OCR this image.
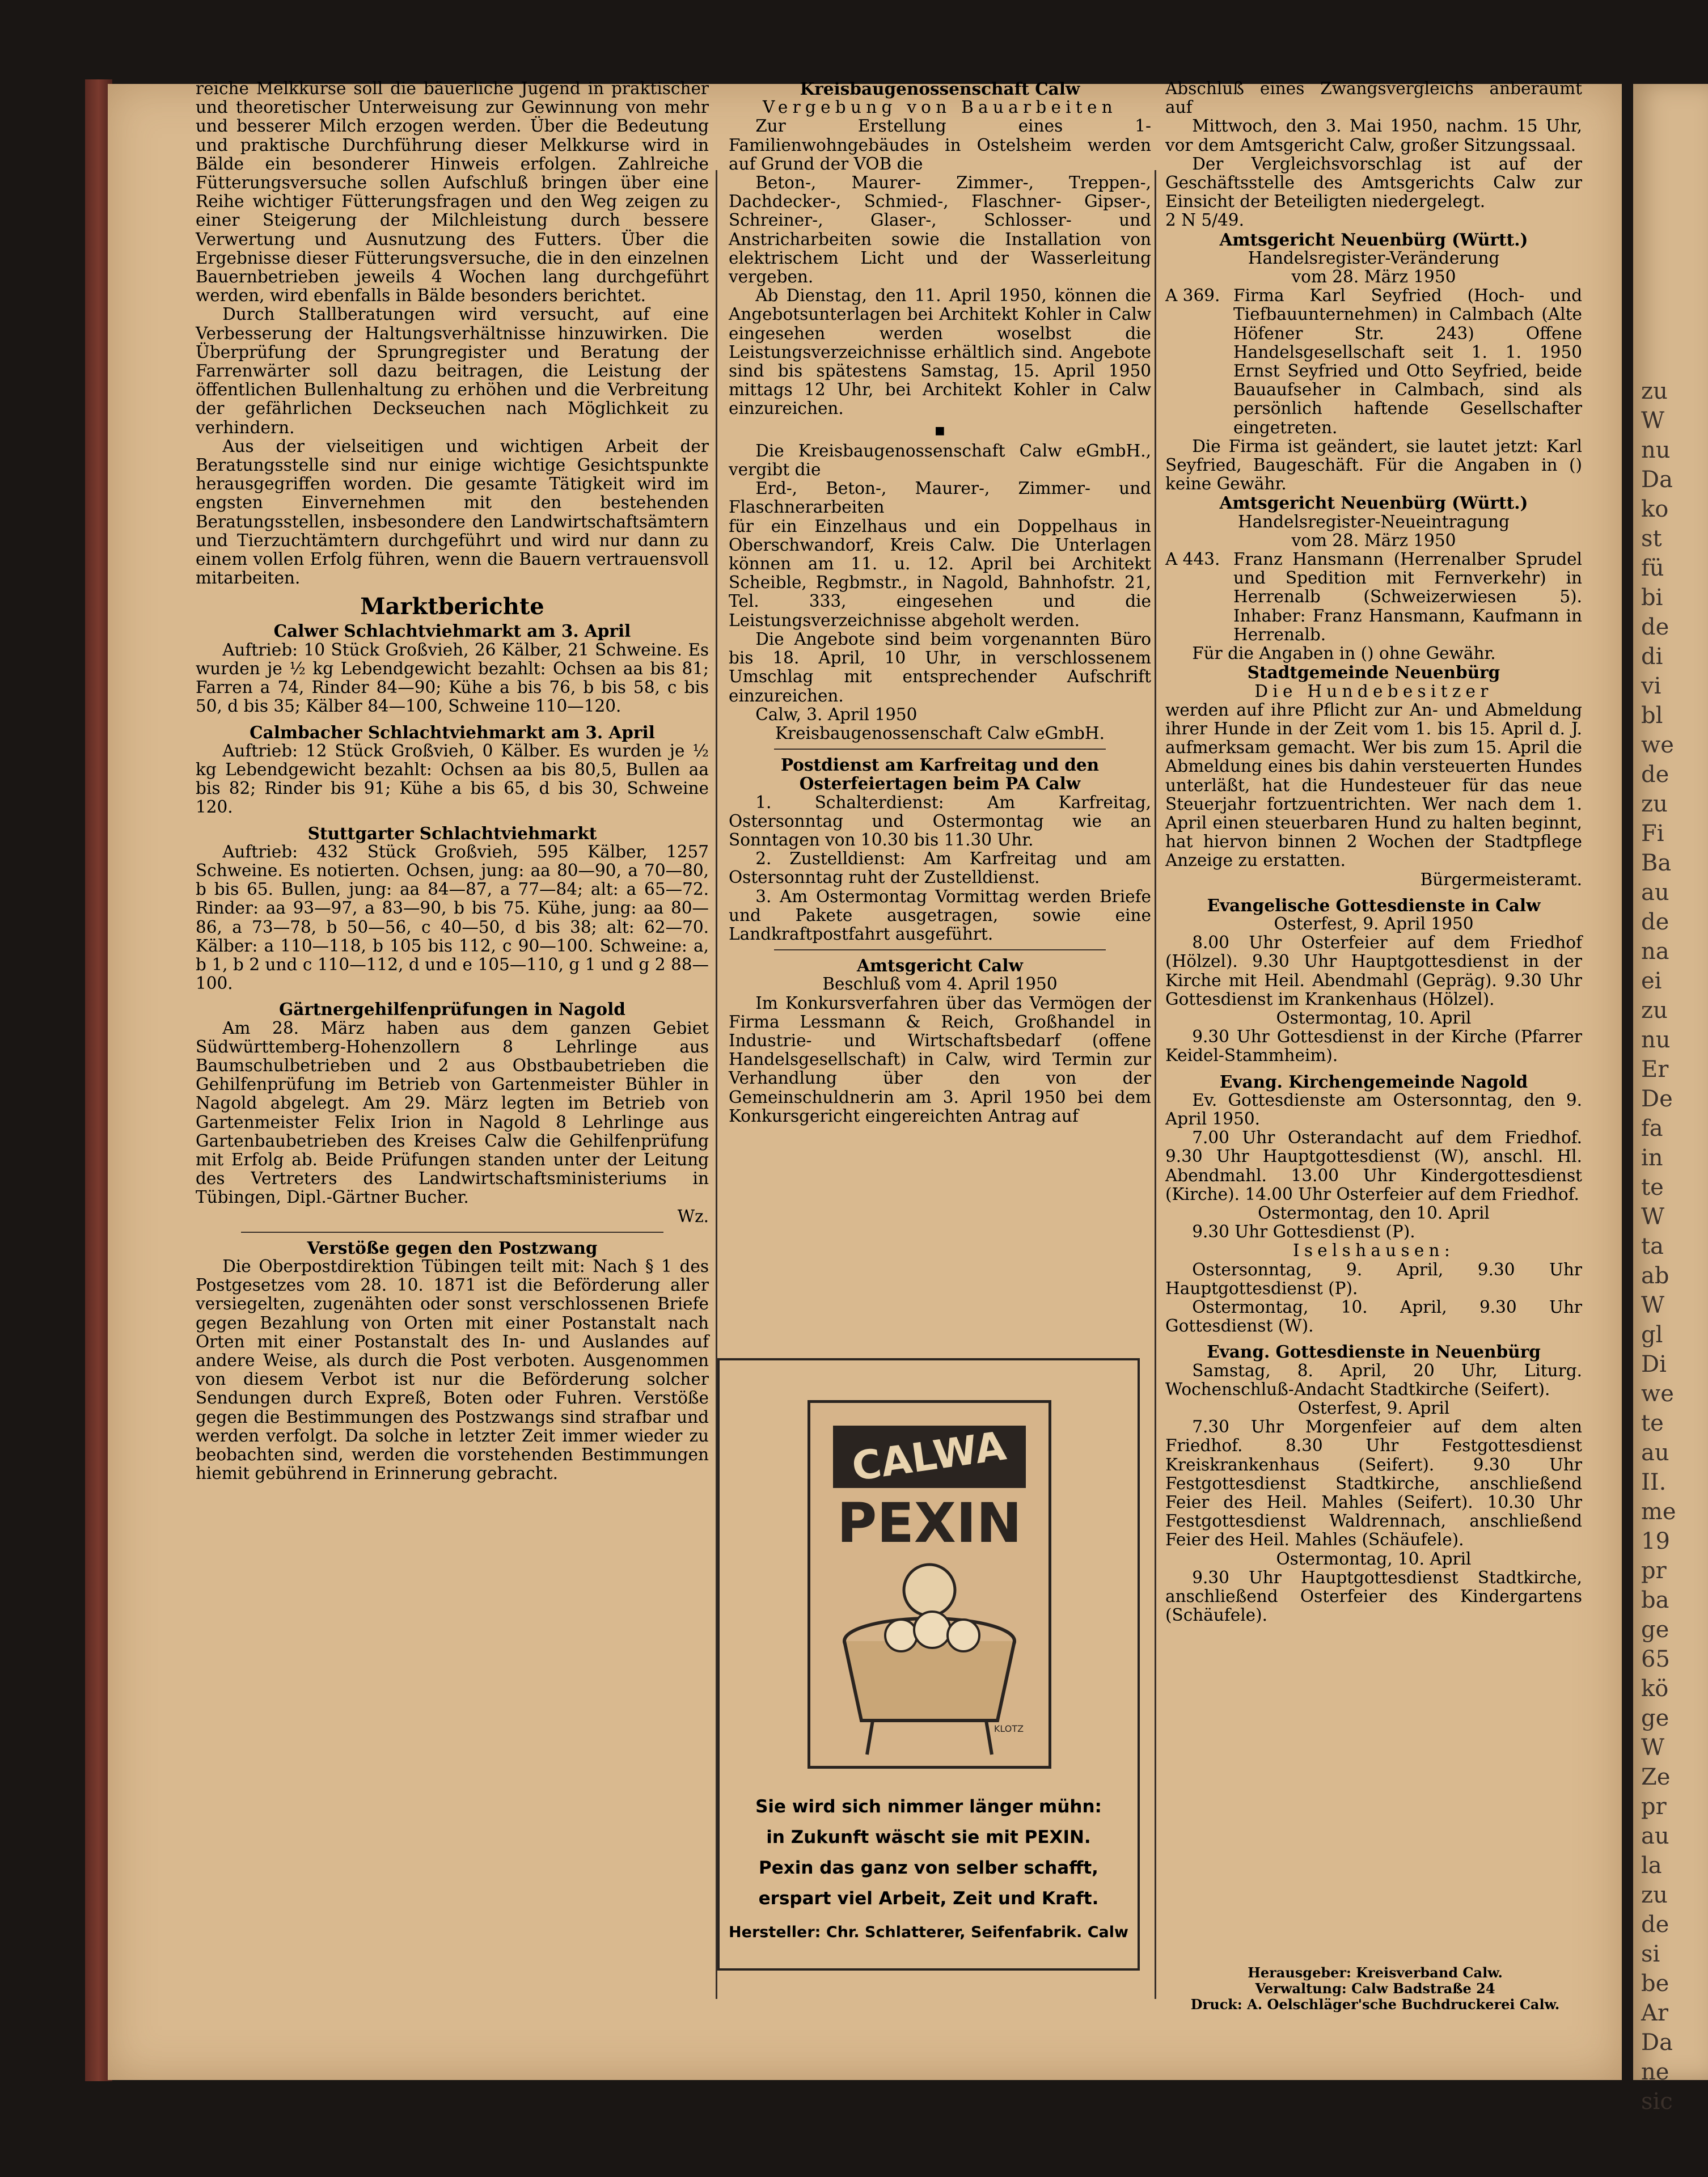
reiche Melkkurse soll die bäuerliche Jugend in praktischer und theoretischer Unterweisung zur Gewinnung von mehr und besserer Milch erzogen werden. Über die Bedeutung und praktische Durchführung dieser Melkkurse wird in Bälde ein besonderer Hinweis erfolgen. Zahlreiche Fütterungsversuche sollen Aufschluß bringen über eine Reihe wichtiger Fütterungsfragen und den Weg zeigen zu einer Steigerung der Milchleistung durch bessere Verwertung und Ausnutzung des Futters. Über die Ergebnisse dieser Fütterungsversuche, die in den einzelnen Bauernbetrieben jeweils 4 Wochen lang durchgeführt werden, wird ebenfalls in Bälde besonders berichtet.

Durch Stallberatungen wird versucht, auf eine Verbesserung der Haltungsverhältnisse hinzuwirken. Die Überprüfung der Sprungregister und Beratung der Farrenwärter soll dazu beitragen, die Leistung der öffentlichen Bullenhaltung zu erhöhen und die Verbreitung der gefährlichen Deckseuchen nach Möglichkeit zu verhindern.

Aus der vielseitigen und wichtigen Arbeit der Beratungsstelle sind nur einige wichtige Gesichtspunkte herausgegriffen worden. Die gesamte Tätigkeit wird im engsten Einvernehmen mit den bestehenden Beratungsstellen, insbesondere den Landwirtschaftsämtern und Tierzuchtämtern durchgeführt und wird nur dann zu einem vollen Erfolg führen, wenn die Bauern vertrauensvoll mitarbeiten.

Marktberichte

Calwer Schlachtviehmarkt am 3. April

Auftrieb: 10 Stück Großvieh, 26 Kälber, 21 Schweine. Es wurden je ½ kg Lebendgewicht bezahlt: Ochsen aa bis 81; Farren a 74, Rinder 84—90; Kühe a bis 76, b bis 58, c bis 50, d bis 35; Kälber 84—100, Schweine 110—120.

Calmbacher Schlachtviehmarkt am 3. April

Auftrieb: 12 Stück Großvieh, 0 Kälber. Es wurden je ½ kg Lebendgewicht bezahlt: Ochsen aa bis 80,5, Bullen aa bis 82; Rinder bis 91; Kühe a bis 65, d bis 30, Schweine 120.

Stuttgarter Schlachtviehmarkt

Auftrieb: 432 Stück Großvieh, 595 Kälber, 1257 Schweine. Es notierten. Ochsen, jung: aa 80—90, a 70—80, b bis 65. Bullen, jung: aa 84—87, a 77—84; alt: a 65—72. Rinder: aa 93—97, a 83—90, b bis 75. Kühe, jung: aa 80—86, a 73—78, b 50—56, c 40—50, d bis 38; alt: 62—70. Kälber: a 110—118, b 105 bis 112, c 90—100. Schweine: a, b 1, b 2 und c 110—112, d und e 105—110, g 1 und g 2 88—100.

Gärtnergehilfenprüfungen in Nagold

Am 28. März haben aus dem ganzen Gebiet Südwürttemberg-Hohenzollern 8 Lehrlinge aus Baumschulbetrieben und 2 aus Obstbaubetrieben die Gehilfenprüfung im Betrieb von Gartenmeister Bühler in Nagold abgelegt. Am 29. März legten im Betrieb von Gartenmeister Felix Irion in Nagold 8 Lehrlinge aus Gartenbaubetrieben des Kreises Calw die Gehilfenprüfung mit Erfolg ab. Beide Prüfungen standen unter der Leitung des Vertreters des Landwirtschaftsministeriums in Tübingen, Dipl.-Gärtner Bucher.

Wz.

Verstöße gegen den Postzwang

Die Oberpostdirektion Tübingen teilt mit: Nach § 1 des Postgesetzes vom 28. 10. 1871 ist die Beförderung aller versiegelten, zugenähten oder sonst verschlossenen Briefe gegen Bezahlung von Orten mit einer Postanstalt nach Orten mit einer Postanstalt des In- und Auslandes auf andere Weise, als durch die Post verboten. Ausgenommen von diesem Verbot ist nur die Beförderung solcher Sendungen durch Expreß, Boten oder Fuhren. Verstöße gegen die Bestimmungen des Postzwangs sind strafbar und werden verfolgt. Da solche in letzter Zeit immer wieder zu beobachten sind, werden die vorstehenden Bestimmungen hiemit gebührend in Erinnerung gebracht.

Kreisbaugenossenschaft Calw

Vergebung von Bauarbeiten

Zur Erstellung eines 1-Familienwohngebäudes in Ostelsheim werden auf Grund der VOB die

Beton-, Maurer- Zimmer-, Treppen-, Dachdecker-, Schmied-, Flaschner- Gipser-, Schreiner-, Glaser-, Schlosser- und Anstricharbeiten sowie die Installation von elektrischem Licht und der Wasserleitung vergeben.

Ab Dienstag, den 11. April 1950, können die Angebotsunterlagen bei Architekt Kohler in Calw eingesehen werden woselbst die Leistungsverzeichnisse erhältlich sind. Angebote sind bis spätestens Samstag, 15. April 1950 mittags 12 Uhr, bei Architekt Kohler in Calw einzureichen.

▪

Die Kreisbaugenossenschaft Calw eGmbH., vergibt die

Erd-, Beton-, Maurer-, Zimmer- und Flaschnerarbeiten

für ein Einzelhaus und ein Doppelhaus in Oberschwandorf, Kreis Calw. Die Unterlagen können am 11. u. 12. April bei Architekt Scheible, Regbmstr., in Nagold, Bahnhofstr. 21, Tel. 333, eingesehen und die Leistungsverzeichnisse abgeholt werden.

Die Angebote sind beim vorgenannten Büro bis 18. April, 10 Uhr, in verschlossenem Umschlag mit entsprechender Aufschrift einzureichen.

Calw, 3. April 1950

Kreisbaugenossenschaft Calw eGmbH.

Postdienst am Karfreitag und den Osterfeiertagen beim PA Calw

1. Schalterdienst: Am Karfreitag, Ostersonntag und Ostermontag wie an Sonntagen von 10.30 bis 11.30 Uhr.

2. Zustelldienst: Am Karfreitag und am Ostersonntag ruht der Zustelldienst.

3. Am Ostermontag Vormittag werden Briefe und Pakete ausgetragen, sowie eine Landkraftpostfahrt ausgeführt.

Amtsgericht Calw

Beschluß vom 4. April 1950

Im Konkursverfahren über das Vermögen der Firma Lessmann & Reich, Großhandel in Industrie- und Wirtschaftsbedarf (offene Handelsgesellschaft) in Calw, wird Termin zur Verhandlung über den von der Gemeinschuldnerin am 3. April 1950 bei dem Konkursgericht eingereichten Antrag auf

CALWA
PEXIN
KLOTZ
Sie wird sich nimmer länger mühn:
in Zukunft wäscht sie mit PEXIN.
Pexin das ganz von selber schafft,
erspart viel Arbeit, Zeit und Kraft.
Hersteller: Chr. Schlatterer, Seifenfabrik. Calw

Abschluß eines Zwangsvergleichs anberaumt auf

Mittwoch, den 3. Mai 1950, nachm. 15 Uhr, vor dem Amtsgericht Calw, großer Sitzungssaal.

Der Vergleichsvorschlag ist auf der Geschäftsstelle des Amtsgerichts Calw zur Einsicht der Beteiligten niedergelegt.

2 N 5/49.

Amtsgericht Neuenbürg (Württ.)

Handelsregister-Veränderung

vom 28. März 1950

A 369. Firma Karl Seyfried (Hoch- und Tiefbauunternehmen) in Calmbach (Alte Höfener Str. 243) Offene Handelsgesellschaft seit 1. 1. 1950 Ernst Seyfried und Otto Seyfried, beide Bauaufseher in Calmbach, sind als persönlich haftende Gesellschafter eingetreten.

Die Firma ist geändert, sie lautet jetzt: Karl Seyfried, Baugeschäft. Für die Angaben in () keine Gewähr.

Amtsgericht Neuenbürg (Württ.)

Handelsregister-Neueintragung

vom 28. März 1950

A 443. Franz Hansmann (Herrenalber Sprudel und Spedition mit Fernverkehr) in Herrenalb (Schweizerwiesen 5). Inhaber: Franz Hansmann, Kaufmann in Herrenalb.

Für die Angaben in () ohne Gewähr.

Stadtgemeinde Neuenbürg

Die Hundebesitzer

werden auf ihre Pflicht zur An- und Abmeldung ihrer Hunde in der Zeit vom 1. bis 15. April d. J. aufmerksam gemacht. Wer bis zum 15. April die Abmeldung eines bis dahin versteuerten Hundes unterläßt, hat die Hundesteuer für das neue Steuerjahr fortzuentrichten. Wer nach dem 1. April einen steuerbaren Hund zu halten beginnt, hat hiervon binnen 2 Wochen der Stadtpflege Anzeige zu erstatten.

Bürgermeisteramt.

Evangelische Gottesdienste in Calw

Osterfest, 9. April 1950

8.00 Uhr Osterfeier auf dem Friedhof (Hölzel). 9.30 Uhr Hauptgottesdienst in der Kirche mit Heil. Abendmahl (Gepräg). 9.30 Uhr Gottesdienst im Krankenhaus (Hölzel).

Ostermontag, 10. April

9.30 Uhr Gottesdienst in der Kirche (Pfarrer Keidel-Stammheim).

Evang. Kirchengemeinde Nagold

Ev. Gottesdienste am Ostersonntag, den 9. April 1950.

7.00 Uhr Osterandacht auf dem Friedhof. 9.30 Uhr Hauptgottesdienst (W), anschl. Hl. Abendmahl. 13.00 Uhr Kindergottesdienst (Kirche). 14.00 Uhr Osterfeier auf dem Friedhof.

Ostermontag, den 10. April

9.30 Uhr Gottesdienst (P).

Iselshausen:

Ostersonntag, 9. April, 9.30 Uhr Hauptgottesdienst (P).

Ostermontag, 10. April, 9.30 Uhr Gottesdienst (W).

Evang. Gottesdienste in Neuenbürg

Samstag, 8. April, 20 Uhr, Liturg. Wochenschluß-Andacht Stadtkirche (Seifert).

Osterfest, 9. April

7.30 Uhr Morgenfeier auf dem alten Friedhof. 8.30 Uhr Festgottesdienst Kreiskrankenhaus (Seifert). 9.30 Uhr Festgottesdienst Stadtkirche, anschließend Feier des Heil. Mahles (Seifert). 10.30 Uhr Festgottesdienst Waldrennach, anschließend Feier des Heil. Mahles (Schäufele).

Ostermontag, 10. April

9.30 Uhr Hauptgottesdienst Stadtkirche, anschließend Osterfeier des Kindergartens (Schäufele).

Herausgeber: Kreisverband Calw.
Verwaltung: Calw Badstraße 24
Druck: A. Oelschläger'sche Buchdruckerei Calw.
zu
W
nu
Da
ko
st
fü
bi
de
di
vi
bl
we
de
zu
Fi
Ba
au
de
na
ei
zu
nu
Er
De
fa
in
te
W
ta
ab
W
gl
Di
we
te
au
II.
me
19
pr
ba
ge
65
kö
ge
W
Ze
pr
au
la
zu
de
si
be
Ar
Da
ne
sic
